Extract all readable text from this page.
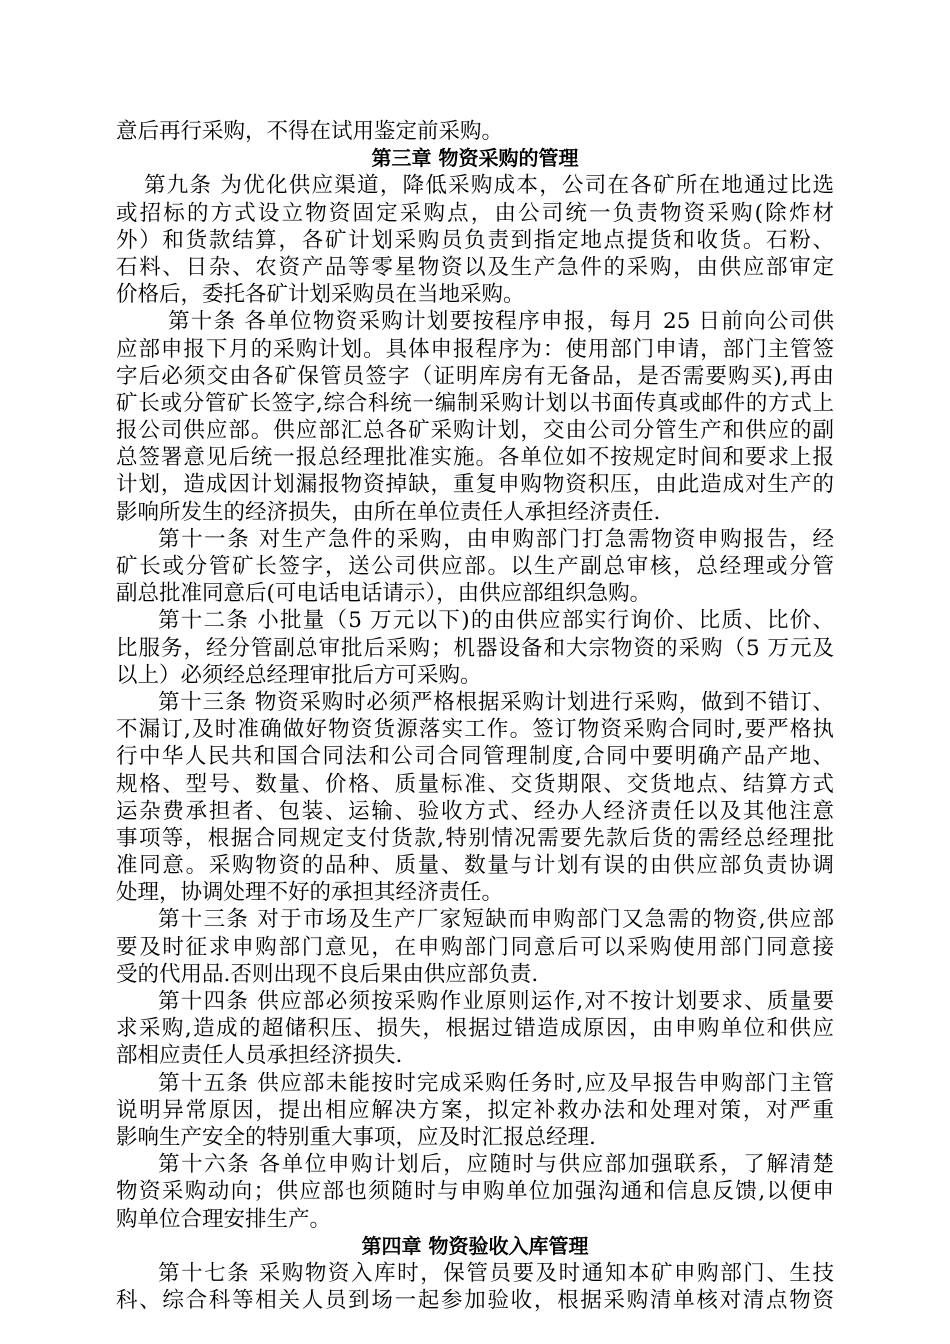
意后再行采购，不得在试用鉴定前采购。
第三章 物资采购的管理
第九条 为优化供应渠道，降低采购成本，公司在各矿所在地通过比选
或招标的方式设立物资固定采购点，由公司统一负责物资采购(除炸材
外）和货款结算，各矿计划采购员负责到指定地点提货和收货。石粉、
石料、日杂、农资产品等零星物资以及生产急件的采购，由供应部审定
价格后，委托各矿计划采购员在当地采购。
第十条 各单位物资采购计划要按程序申报，每月 25 日前向公司供
应部申报下月的采购计划。具体申报程序为：使用部门申请，部门主管签
字后必须交由各矿保管员签字（证明库房有无备品，是否需要购买),再由
矿长或分管矿长签字,综合科统一编制采购计划以书面传真或邮件的方式上
报公司供应部。供应部汇总各矿采购计划，交由公司分管生产和供应的副
总签署意见后统一报总经理批准实施。各单位如不按规定时间和要求上报
计划，造成因计划漏报物资掉缺，重复申购物资积压，由此造成对生产的
影响所发生的经济损失，由所在单位责任人承担经济责任.
第十一条 对生产急件的采购，由申购部门打急需物资申购报告，经
矿长或分管矿长签字，送公司供应部。以生产副总审核，总经理或分管
副总批准同意后(可电话电话请示），由供应部组织急购。
第十二条 小批量（5 万元以下)的由供应部实行询价、比质、比价、
比服务，经分管副总审批后采购；机器设备和大宗物资的采购（5 万元及
以上）必须经总经理审批后方可采购。
第十三条 物资采购时必须严格根据采购计划进行采购，做到不错订、
不漏订,及时准确做好物资货源落实工作。签订物资采购合同时,要严格执
行中华人民共和国合同法和公司合同管理制度,合同中要明确产品产地、
规格、型号、数量、价格、质量标准、交货期限、交货地点、结算方式
运杂费承担者、包装、运输、验收方式、经办人经济责任以及其他注意
事项等，根据合同规定支付货款,特别情况需要先款后货的需经总经理批
准同意。采购物资的品种、质量、数量与计划有误的由供应部负责协调
处理，协调处理不好的承担其经济责任。
第十三条 对于市场及生产厂家短缺而申购部门又急需的物资,供应部
要及时征求申购部门意见，在申购部门同意后可以采购使用部门同意接
受的代用品.否则出现不良后果由供应部负责.
第十四条 供应部必须按采购作业原则运作,对不按计划要求、质量要
求采购,造成的超储积压、损失，根据过错造成原因，由申购单位和供应
部相应责任人员承担经济损失.
第十五条 供应部未能按时完成采购任务时,应及早报告申购部门主管
说明异常原因，提出相应解决方案，拟定补救办法和处理对策，对严重
影响生产安全的特别重大事项，应及时汇报总经理.
第十六条 各单位申购计划后，应随时与供应部加强联系，了解清楚
物资采购动向；供应部也须随时与申购单位加强沟通和信息反馈,以便申
购单位合理安排生产。
第四章 物资验收入库管理
第十七条 采购物资入库时，保管员要及时通知本矿申购部门、生技
科、综合科等相关人员到场一起参加验收，根据采购清单核对清点物资
